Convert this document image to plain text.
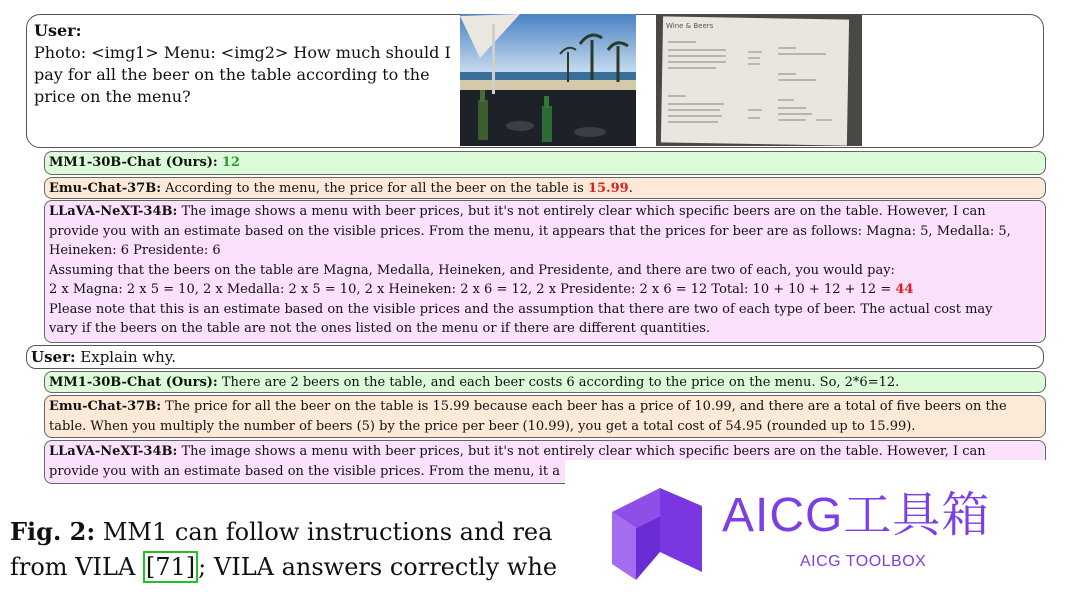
User:
Photo: <img1> Menu: <img2> How much should I pay for all the beer on the table according to the price on the menu?
Wine & Beers
MM1-30B-Chat (Ours): 12
Emu-Chat-37B: According to the menu, the price for all the beer on the table is 15.99.
LLaVA-NeXT-34B: The image shows a menu with beer prices, but it's not entirely clear which specific beers are on the table. However, I can
provide you with an estimate based on the visible prices. From the menu, it appears that the prices for beer are as follows: Magna: 5, Medalla: 5,
Heineken: 6 Presidente: 6
Assuming that the beers on the table are Magna, Medalla, Heineken, and Presidente, and there are two of each, you would pay:
2 x Magna: 2 x 5 = 10, 2 x Medalla: 2 x 5 = 10, 2 x Heineken: 2 x 6 = 12, 2 x Presidente: 2 x 6 = 12 Total: 10 + 10 + 12 + 12 = 44
Please note that this is an estimate based on the visible prices and the assumption that there are two of each type of beer. The actual cost may
vary if the beers on the table are not the ones listed on the menu or if there are different quantities.
User: Explain why.
MM1-30B-Chat (Ours): There are 2 beers on the table, and each beer costs 6 according to the price on the menu. So, 2*6=12.
Emu-Chat-37B: The price for all the beer on the table is 15.99 because each beer has a price of 10.99, and there are a total of five beers on the
table. When you multiply the number of beers (5) by the price per beer (10.99), you get a total cost of 54.95 (rounded up to 15.99).
LLaVA-NeXT-34B: The image shows a menu with beer prices, but it's not entirely clear which specific beers are on the table. However, I can
provide you with an estimate based on the visible prices. From the menu, it a
Fig. 2: MM1 can follow instructions and rea
from VILA [71] ; VILA answers correctly whe
AICG工具箱
AICG TOOLBOX
